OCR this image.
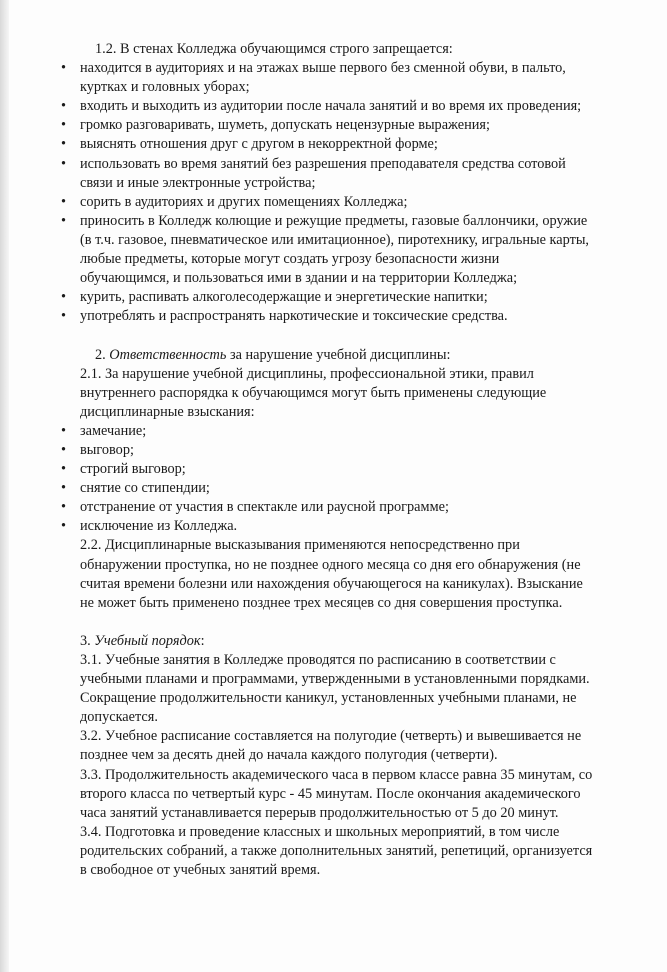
1.2. В стенах Колледжа обучающимся строго запрещается:
• находится в аудиториях и на этажах выше первого без сменной обуви, в пальто,
куртках и головных уборах;
• входить и выходить из аудитории после начала занятий и во время их проведения;
• громко разговаривать, шуметь, допускать нецензурные выражения;
• выяснять отношения друг с другом в некорректной форме;
• использовать во время занятий без разрешения преподавателя средства сотовой
связи и иные электронные устройства;
• сорить в аудиториях и других помещениях Колледжа;
• приносить в Колледж колющие и режущие предметы, газовые баллончики, оружие
(в т.ч. газовое, пневматическое или имитационное), пиротехнику, игральные карты,
любые предметы, которые могут создать угрозу безопасности жизни
обучающимся, и пользоваться ими в здании и на территории Колледжа;
• курить, распивать алкоголесодержащие и энергетические напитки;
• употреблять и распространять наркотические и токсические средства.
2. Ответственность за нарушение учебной дисциплины:
2.1. За нарушение учебной дисциплины, профессиональной этики, правил
внутреннего распорядка к обучающимся могут быть применены следующие
дисциплинарные взыскания:
• замечание;
• выговор;
• строгий выговор;
• снятие со стипендии;
• отстранение от участия в спектакле или раусной программе;
• исключение из Колледжа.
2.2. Дисциплинарные высказывания применяются непосредственно при
обнаружении проступка, но не позднее одного месяца со дня его обнаружения (не
считая времени болезни или нахождения обучающегося на каникулах). Взыскание
не может быть применено позднее трех месяцев со дня совершения проступка.
3. Учебный порядок:
3.1. Учебные занятия в Колледже проводятся по расписанию в соответствии с
учебными планами и программами, утвержденными в установленными порядками.
Сокращение продолжительности каникул, установленных учебными планами, не
допускается.
3.2. Учебное расписание составляется на полугодие (четверть) и вывешивается не
позднее чем за десять дней до начала каждого полугодия (четверти).
3.3. Продолжительность академического часа в первом классе равна 35 минутам, со
второго класса по четвертый курс - 45 минутам. После окончания академического
часа занятий устанавливается перерыв продолжительностью от 5 до 20 минут.
3.4. Подготовка и проведение классных и школьных мероприятий, в том числе
родительских собраний, а также дополнительных занятий, репетиций, организуется
в свободное от учебных занятий время.
